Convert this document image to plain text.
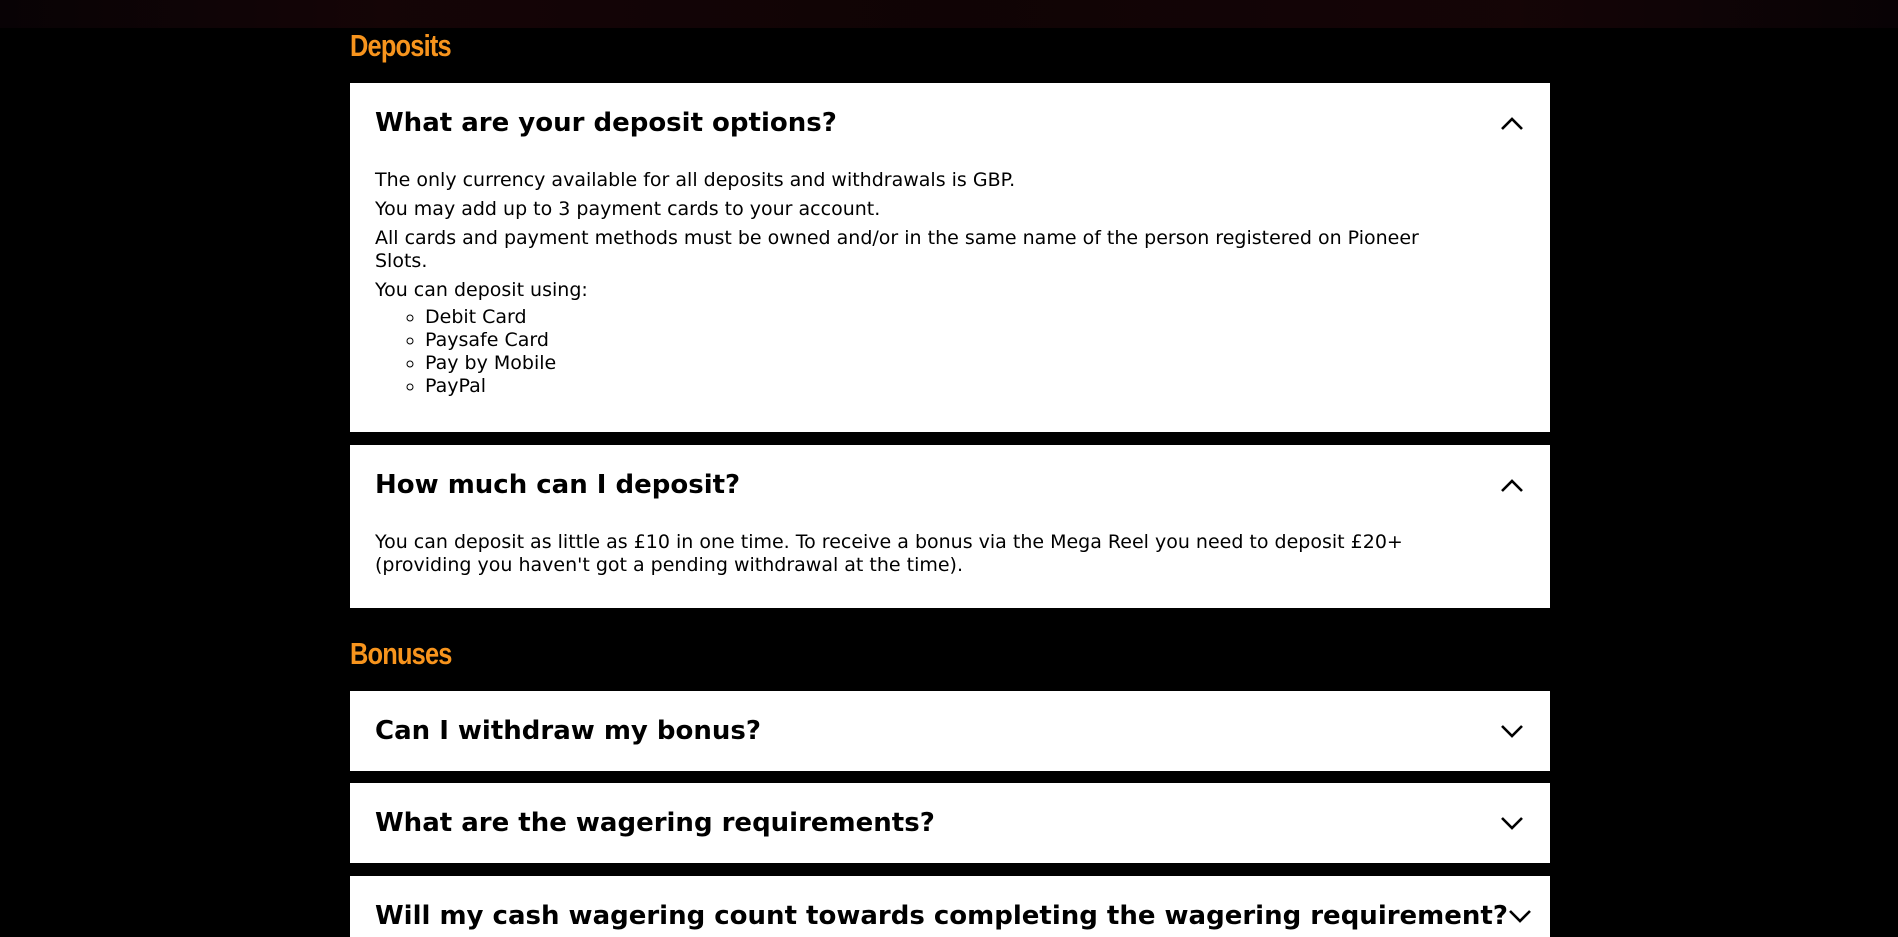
Deposits
What are your deposit options?

The only currency available for all deposits and withdrawals is GBP.

You may add up to 3 payment cards to your account.

All cards and payment methods must be owned and/or in the same name of the person registered on Pioneer Slots.

You can deposit using:

◦ Debit Card
◦ Paysafe Card
◦ Pay by Mobile
◦ PayPal
How much can I deposit?
You can deposit as little as £10 in one time. To receive a bonus via the Mega Reel you need to deposit £20+ (providing you haven't got a pending withdrawal at the time).
Bonuses
Can I withdraw my bonus?
What are the wagering requirements?
Will my cash wagering count towards completing the wagering requirement?
